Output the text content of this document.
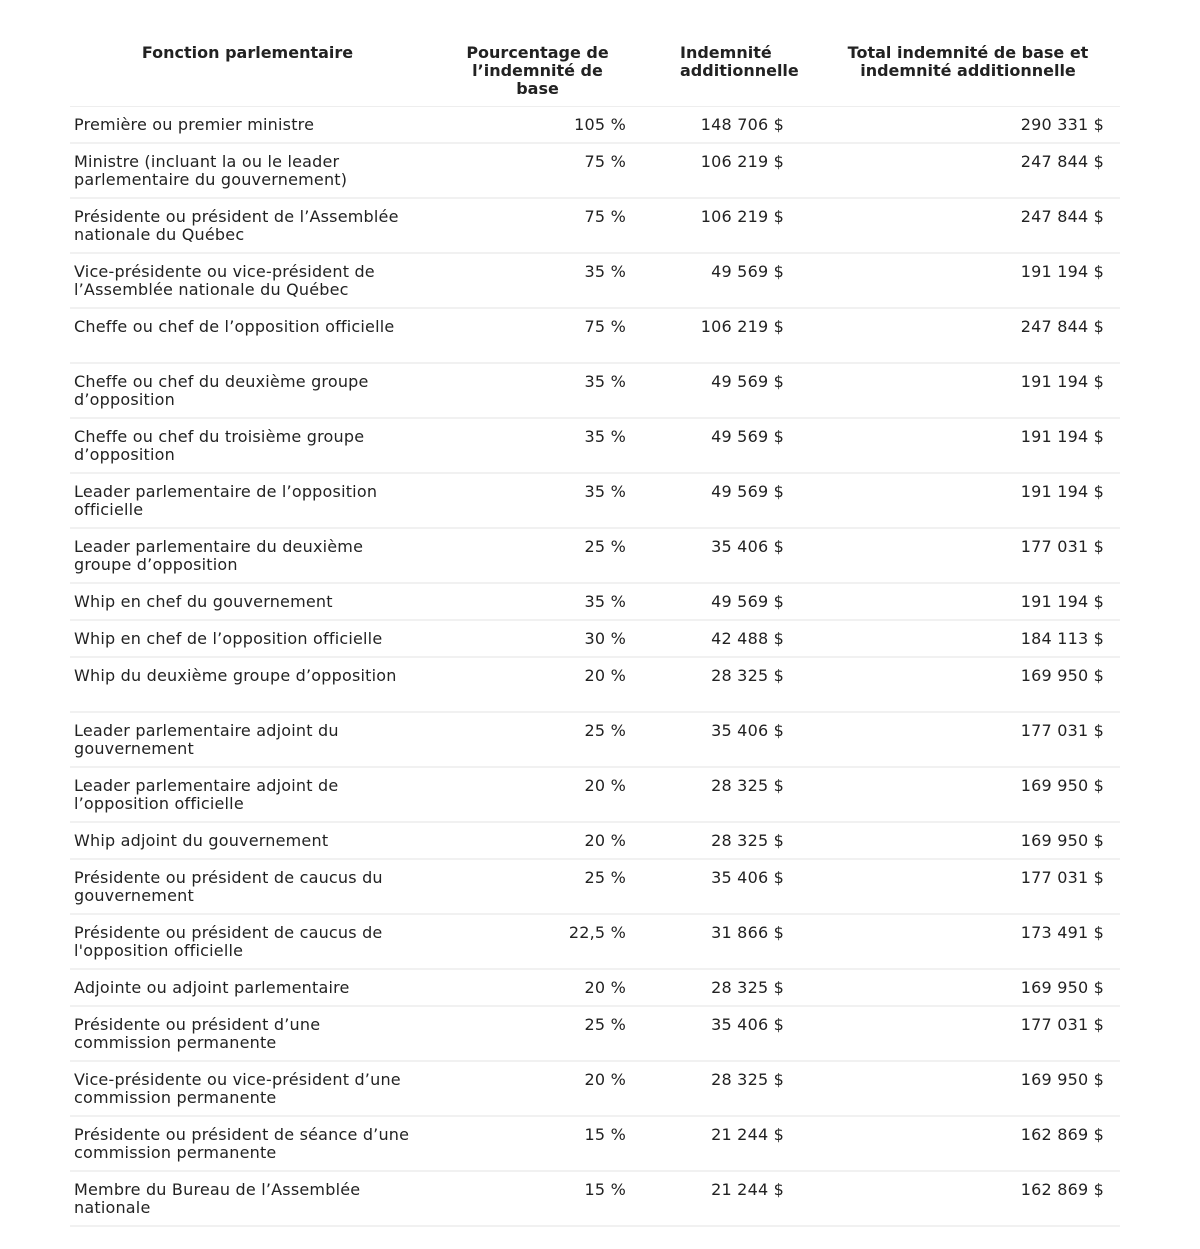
Fonction parlementaire	Pourcentage de l’indemnité de base	Indemnité additionnelle	Total indemnité de base et indemnité additionnelle
Première ou premier ministre	105 %	148 706 $	290 331 $
Ministre (incluant la ou le leader parlementaire du gouvernement)	75 %	106 219 $	247 844 $
Présidente ou président de l’Assemblée nationale du Québec	75 %	106 219 $	247 844 $
Vice-présidente ou vice-président de l’Assemblée nationale du Québec	35 %	49 569 $	191 194 $
Cheffe ou chef de l’opposition officielle	75 %	106 219 $	247 844 $
Cheffe ou chef du deuxième groupe d’opposition	35 %	49 569 $	191 194 $
Cheffe ou chef du troisième groupe d’opposition	35 %	49 569 $	191 194 $
Leader parlementaire de l’opposition officielle	35 %	49 569 $	191 194 $
Leader parlementaire du deuxième groupe d’opposition	25 %	35 406 $	177 031 $
Whip en chef du gouvernement	35 %	49 569 $	191 194 $
Whip en chef de l’opposition officielle	30 %	42 488 $	184 113 $
Whip du deuxième groupe d’opposition	20 %	28 325 $	169 950 $
Leader parlementaire adjoint du gouvernement	25 %	35 406 $	177 031 $
Leader parlementaire adjoint de l’opposition officielle	20 %	28 325 $	169 950 $
Whip adjoint du gouvernement	20 %	28 325 $	169 950 $
Présidente ou président de caucus du gouvernement	25 %	35 406 $	177 031 $
Présidente ou président de caucus de l'opposition officielle	22,5 %	31 866 $	173 491 $
Adjointe ou adjoint parlementaire	20 %	28 325 $	169 950 $
Présidente ou président d’une commission permanente	25 %	35 406 $	177 031 $
Vice-présidente ou vice-président d’une commission permanente	20 %	28 325 $	169 950 $
Présidente ou président de séance d’une commission permanente	15 %	21 244 $	162 869 $
Membre du Bureau de l’Assemblée nationale	15 %	21 244 $	162 869 $
